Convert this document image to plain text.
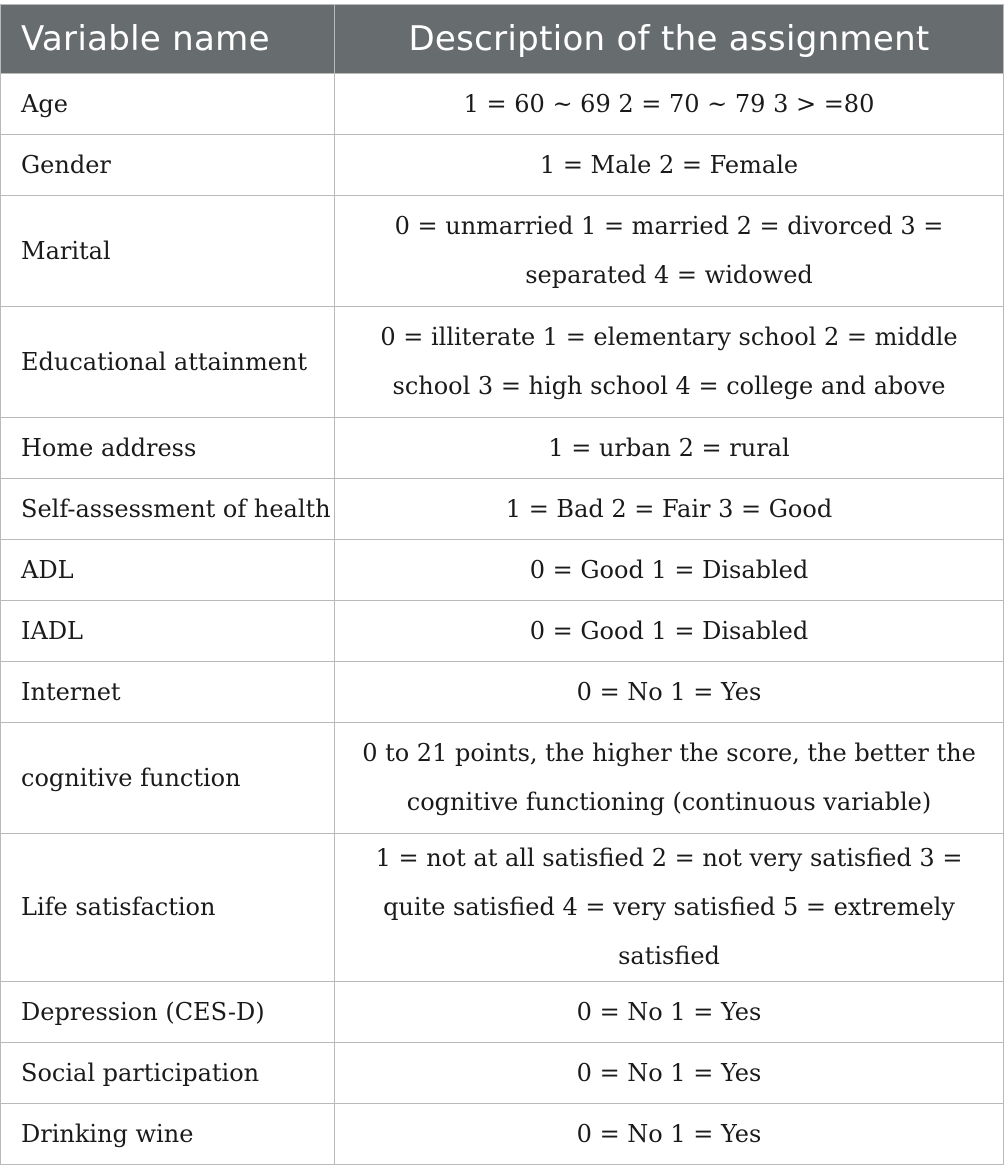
Variable name	Description of the assignment
Age	1 = 60 ~ 69 2 = 70 ~ 79 3 > =80
Gender	1 = Male 2 = Female
Marital	0 = unmarried 1 = married 2 = divorced 3 = separated 4 = widowed
Educational attainment	0 = illiterate 1 = elementary school 2 = middle school 3 = high school 4 = college and above
Home address	1 = urban 2 = rural
Self-assessment of health	1 = Bad 2 = Fair 3 = Good
ADL	0 = Good 1 = Disabled
IADL	0 = Good 1 = Disabled
Internet	0 = No 1 = Yes
cognitive function	0 to 21 points, the higher the score, the better the cognitive functioning (continuous variable)
Life satisfaction	1 = not at all satisfied 2 = not very satisfied 3 = quite satisfied 4 = very satisfied 5 = extremely satisfied
Depression (CES-D)	0 = No 1 = Yes
Social participation	0 = No 1 = Yes
Drinking wine	0 = No 1 = Yes
